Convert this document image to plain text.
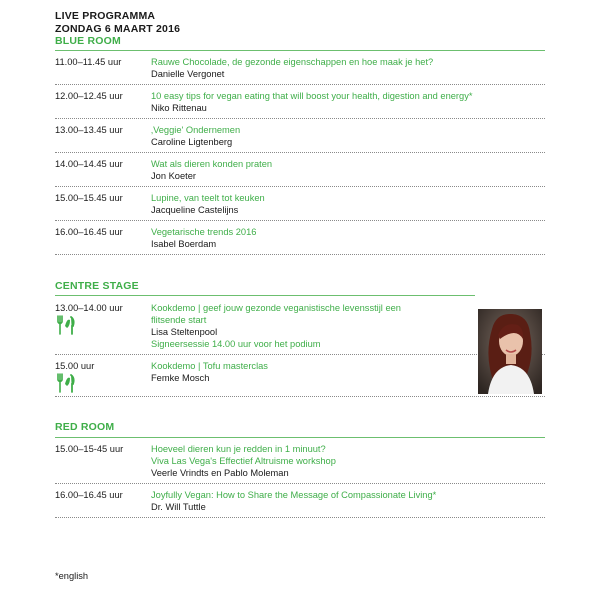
LIVE PROGRAMMA
ZONDAG 6 MAART 2016
BLUE ROOM
11.00–11.45 uur	Rauwe Chocolade, de gezonde eigenschappen en hoe maak je het?
Danielle Vergonet
12.00–12.45 uur	10 easy tips for vegan eating that will boost your health, digestion and energy*
Niko Rittenau
13.00–13.45 uur	‚Veggie' Ondernemen
Caroline Ligtenberg
14.00–14.45 uur	Wat als dieren konden praten
Jon Koeter
15.00–15.45 uur	Lupine, van teelt tot keuken
Jacqueline Castelijns
16.00–16.45 uur	Vegetarische trends 2016
Isabel Boerdam
CENTRE STAGE
13.00–14.00 uur	Kookdemo | geef jouw gezonde veganistische levensstijl een
flitsende start
Lisa Steltenpool
Signeersessie 14.00 uur voor het podium
15.00 uur	Kookdemo | Tofu masterclas
Femke Mosch
RED ROOM
15.00–15-45 uur	Hoeveel dieren kun je redden in 1 minuut?
Viva Las Vega's Effectief Altruisme workshop
Veerle Vrindts en Pablo Moleman
16.00–16.45 uur	Joyfully Vegan: How to Share the Message of Compassionate Living*
Dr. Will Tuttle
*english
